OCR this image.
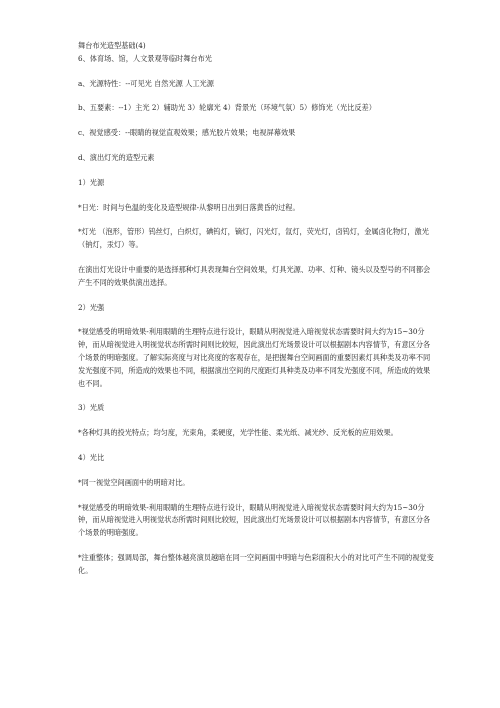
舞台布光造型基础(4)

6、体育场、馆，人文景观等临时舞台布光

a、光源特性：--可见光 自然光源 人工光源

b、五要素：--1）主光 2）辅助光 3）轮廓光 4）背景光（环境气氛）5）修饰光（光比反差）

c、视觉感受：--眼睛的视觉直观效果；感光胶片效果；电视屏幕效果

d、演出灯光的造型元素

1）光源

*日光：时间与色温的变化及造型规律-从黎明日出到日落黄昏的过程。

*灯光 （泡形，管形）钨丝灯，白炽灯，碘钨灯，镝灯，闪光灯，氙灯，荧光灯，卤钨灯，金属卤化物灯，激光（钠灯，汞灯）等。

在演出灯光设计中重要的是选择那种灯具表现舞台空间效果，灯具光源、功率、灯种、镜头以及型号的不同都会产生不同的效果供演出选择。

2）光强

*视觉感受的明暗效果-利用眼睛的生理特点进行设计，眼睛从明视觉进入暗视觉状态需要时间大约为15~30分钟，而从暗视觉进入明视觉状态所需时间则比较短，因此演出灯光场景设计可以根据剧本内容情节，有意区分各个场景的明暗强度。了解实际亮度与对比亮度的客观存在，是把握舞台空间画面的重要因素灯具种类及功率不同发光强度不同，所造成的效果也不同，根据演出空间的尺度距灯具种类及功率不同发光强度不同，所造成的效果也不同。

3）光质

*各种灯具的投光特点；均匀度，光束角，柔硬度，光学性能、柔光纸、减光纱、反光板的应用效果。

4）光比

*同一视觉空间画面中的明暗对比。

*视觉感受的明暗效果-利用眼睛的生理特点进行设计，眼睛从明视觉进入暗视觉状态需要时间大约为15~30分钟，而从暗视觉进入明视觉状态所需时间则比较短，因此演出灯光场景设计可以根据剧本内容情节，有意区分各个场景的明暗强度。

*注重整体；强调局部，舞台整体越亮演员越暗在同一空间画面中明暗与色彩面积大小的对比可产生不同的视觉变化。
